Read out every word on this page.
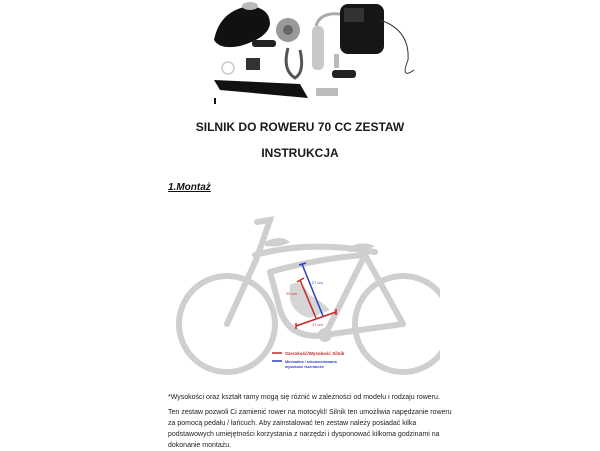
SILNIK DO ROWERU 70 CC ZESTAW
INSTRUKCJA
1.Montaż
27 cm
25 cm
17 cm
Szerokość/Wysokość Silnik
Minimalna / rekomendowana
wysokość /szerokość
*Wysokości oraz kształt ramy mogą się różnić w zależności od modelu i rodzaju roweru.
Ten zestaw pozwoli Ci zamienić rower na motocykl! Silnik ten umożliwia napędzanie roweru za pomocą pedału / łańcuch. Aby zainstalować ten zestaw należy posiadać kilka podstawowych umiejętności korzystania z narzędzi i dysponować kilkoma godzinami na dokonanie montażu.
